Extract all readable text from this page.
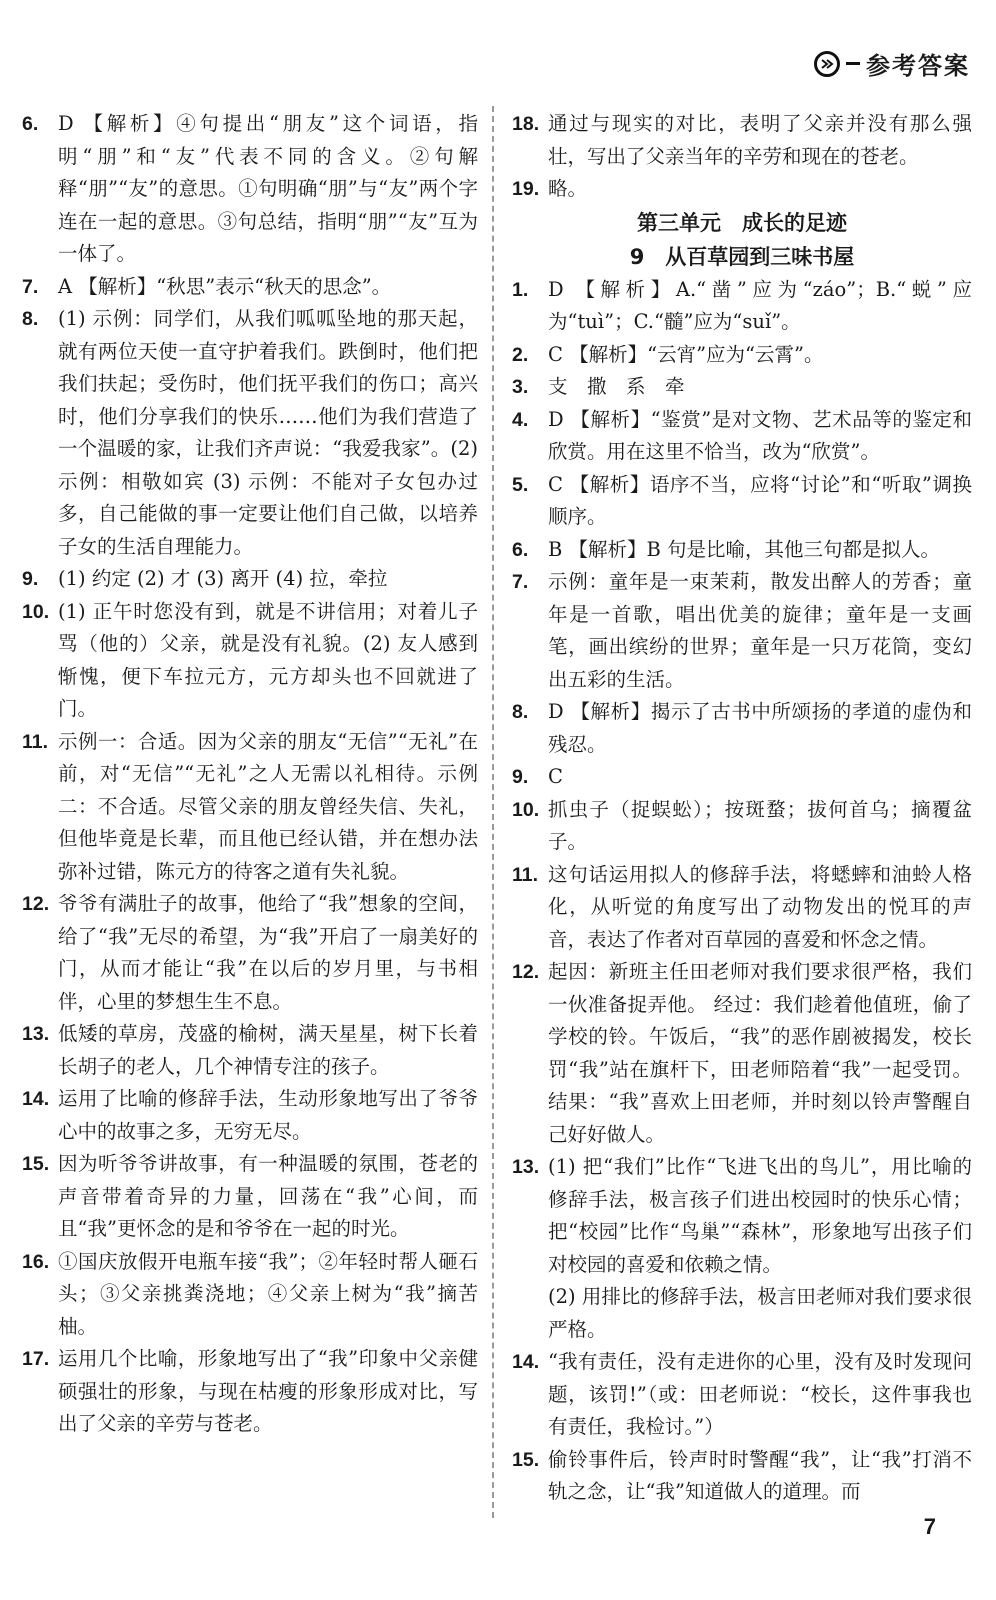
参考答案
6.	D 【解析】④句提出“朋友”这个词语，指明“朋”和“友”代表不同的含义。②句解释“朋”“友”的意思。①句明确“朋”与“友”两个字连在一起的意思。③句总结，指明“朋”“友”互为一体了。
7.	A 【解析】“秋思”表示“秋天的思念”。
8.	(1) 示例：同学们，从我们呱呱坠地的那天起，就有两位天使一直守护着我们。跌倒时，他们把我们扶起；受伤时，他们抚平我们的伤口；高兴时，他们分享我们的快乐……他们为我们营造了一个温暖的家，让我们齐声说：“我爱我家”。(2) 示例：相敬如宾 (3) 示例：不能对子女包办过多，自己能做的事一定要让他们自己做，以培养子女的生活自理能力。
9.	(1) 约定 (2) 才 (3) 离开 (4) 拉，牵拉
10. (1) 正午时您没有到，就是不讲信用；对着儿子骂（他的）父亲，就是没有礼貌。(2) 友人感到惭愧，便下车拉元方，元方却头也不回就进了门。
11. 示例一：合适。因为父亲的朋友“无信”“无礼”在前，对“无信”“无礼”之人无需以礼相待。示例二：不合适。尽管父亲的朋友曾经失信、失礼，但他毕竟是长辈，而且他已经认错，并在想办法弥补过错，陈元方的待客之道有失礼貌。
12. 爷爷有满肚子的故事，他给了“我”想象的空间，给了“我”无尽的希望，为“我”开启了一扇美好的门，从而才能让“我”在以后的岁月里，与书相伴，心里的梦想生生不息。
13. 低矮的草房，茂盛的榆树，满天星星，树下长着长胡子的老人，几个神情专注的孩子。
14. 运用了比喻的修辞手法，生动形象地写出了爷爷心中的故事之多，无穷无尽。
15. 因为听爷爷讲故事，有一种温暖的氛围，苍老的声音带着奇异的力量，回荡在“我”心间，而且“我”更怀念的是和爷爷在一起的时光。
16. ①国庆放假开电瓶车接“我”；②年轻时帮人砸石头；③父亲挑粪浇地；④父亲上树为“我”摘苦柚。
17. 运用几个比喻，形象地写出了“我”印象中父亲健硕强壮的形象，与现在枯瘦的形象形成对比，写出了父亲的辛劳与苍老。
18. 通过与现实的对比，表明了父亲并没有那么强壮，写出了父亲当年的辛劳和现在的苍老。
19. 略。
第三单元　成长的足迹
9　从百草园到三味书屋
1.	D 【解析】A.“凿”应为“záo”；B.“蜕”应为“tuì”；C.“髓”应为“suǐ”。
2.	C 【解析】“云宵”应为“云霄”。
3.	支　撒　系　牵
4.	D 【解析】“鉴赏”是对文物、艺术品等的鉴定和欣赏。用在这里不恰当，改为“欣赏”。
5.	C 【解析】语序不当，应将“讨论”和“听取”调换顺序。
6.	B 【解析】B 句是比喻，其他三句都是拟人。
7.	示例：童年是一束茉莉，散发出醉人的芳香；童年是一首歌，唱出优美的旋律；童年是一支画笔，画出缤纷的世界；童年是一只万花筒，变幻出五彩的生活。
8.	D 【解析】揭示了古书中所颂扬的孝道的虚伪和残忍。
9.	C
10. 抓虫子（捉蜈蚣）；按斑蝥；拔何首乌；摘覆盆子。
11. 这句话运用拟人的修辞手法，将蟋蟀和油蛉人格化，从听觉的角度写出了动物发出的悦耳的声音，表达了作者对百草园的喜爱和怀念之情。
12. 起因：新班主任田老师对我们要求很严格，我们一伙准备捉弄他。 经过：我们趁着他值班，偷了学校的铃。午饭后，“我”的恶作剧被揭发，校长罚“我”站在旗杆下，田老师陪着“我”一起受罚。 结果：“我”喜欢上田老师，并时刻以铃声警醒自己好好做人。
13. (1) 把“我们”比作“飞进飞出的鸟儿”，用比喻的修辞手法，极言孩子们进出校园时的快乐心情；把“校园”比作“鸟巢”“森林”，形象地写出孩子们对校园的喜爱和依赖之情。
(2) 用排比的修辞手法，极言田老师对我们要求很严格。
14. “我有责任，没有走进你的心里，没有及时发现问题，该罚!”（或：田老师说：“校长，这件事我也有责任，我检讨。”）
15. 偷铃事件后，铃声时时警醒“我”，让“我”打消不轨之念，让“我”知道做人的道理。而
7
